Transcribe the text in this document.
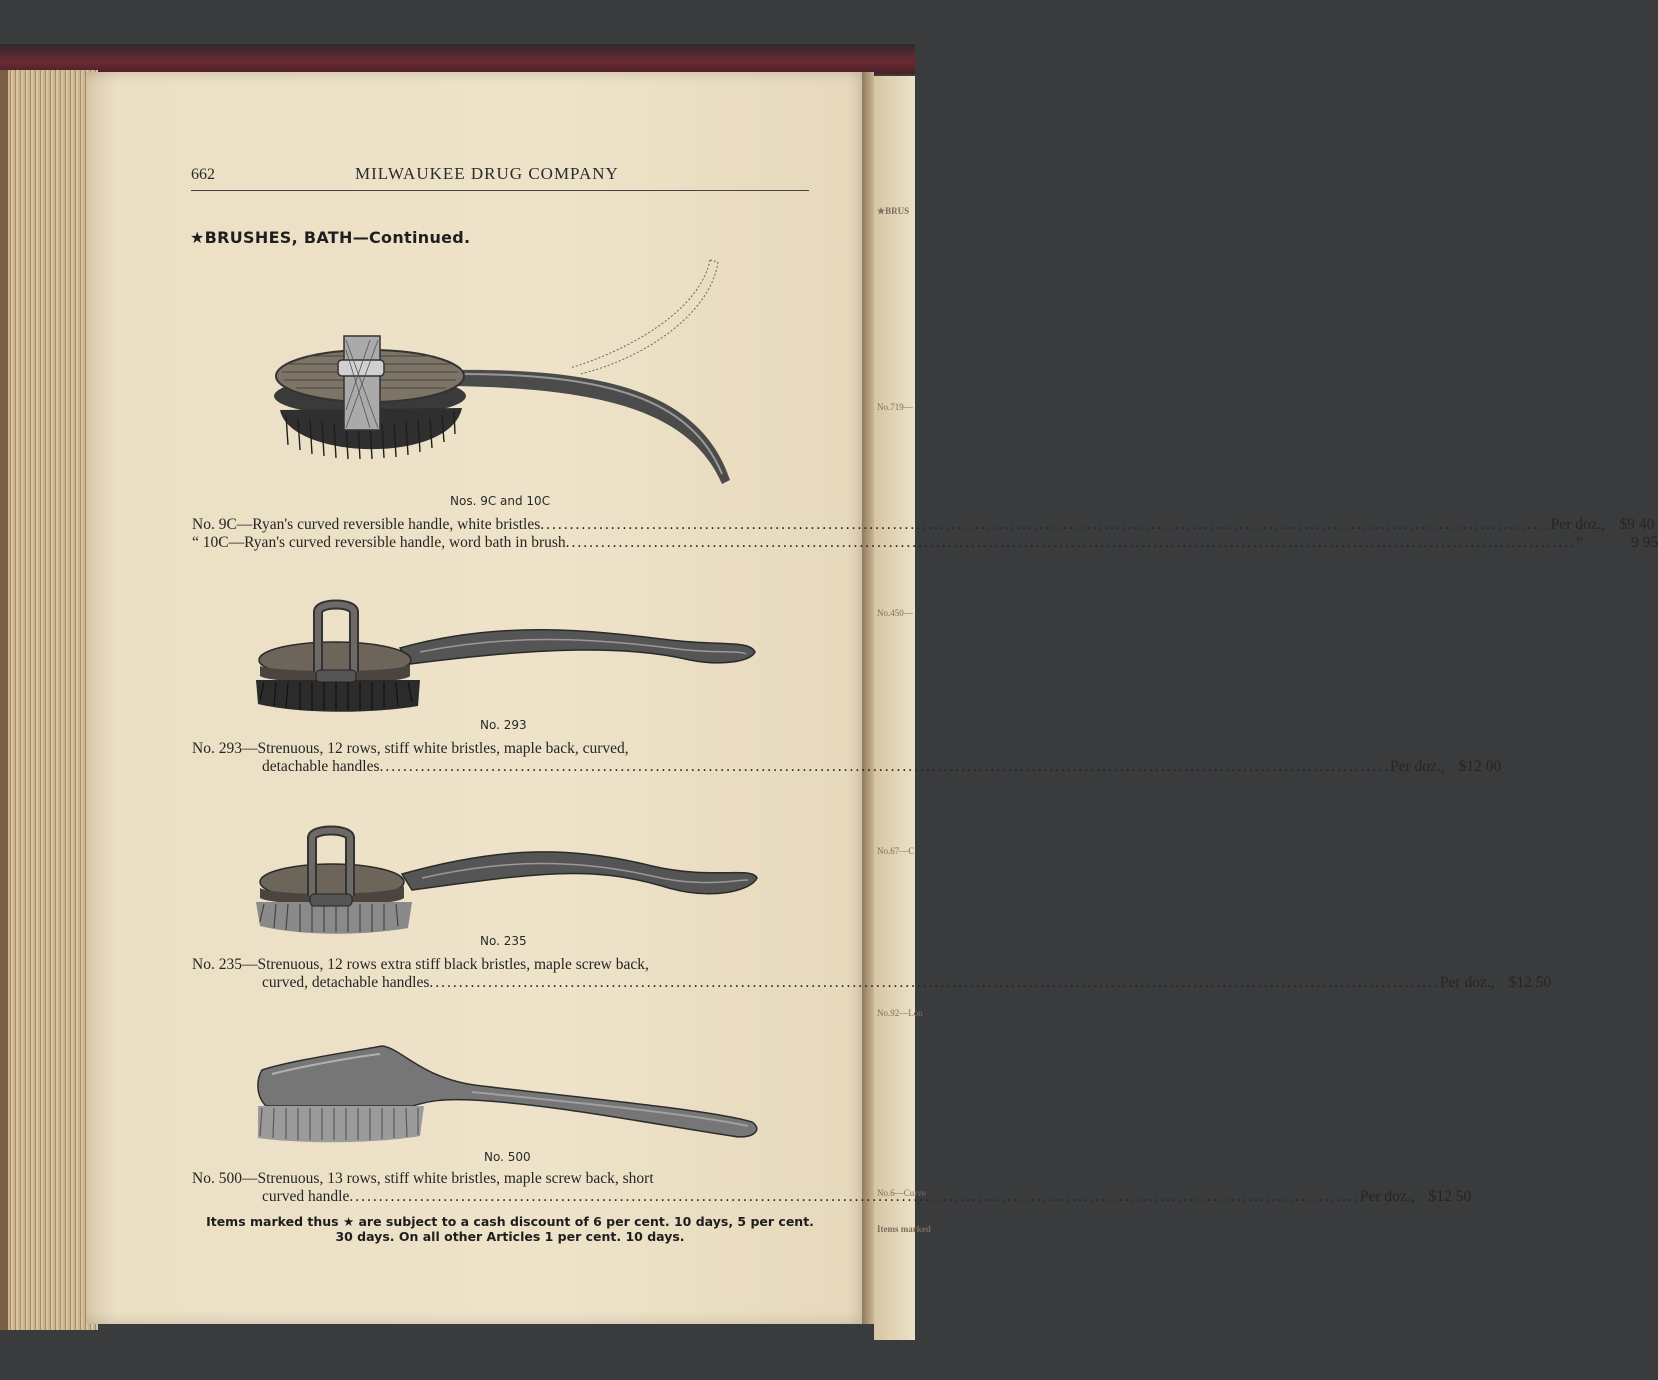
★BRUS
No.719—
No.450—
No.67—C
No.92—Lon
No.6—Curve
Items marked
662	MILWAUKEE DRUG COMPANY
★BRUSHES, BATH—Continued.
Nos. 9C and 10C
No. 9C—Ryan's curved reversible handle, white bristles .....	Per doz., $9 40
“ 10C—Ryan's curved reversible handle, word bath in brush .....	“	9 95
No. 293
No. 293—Strenuous, 12 rows, stiff white bristles, maple back, curved,
detachable handles .....	Per doz., $12 00
No. 235
No. 235—Strenuous, 12 rows extra stiff black bristles, maple screw back,
curved, detachable handles .....	Per doz., $12 50
No. 500
No. 500—Strenuous, 13 rows, stiff white bristles, maple screw back, short
curved handle .....	Per doz., $12 50
Items marked thus ★ are subject to a cash discount of 6 per cent. 10 days, 5 per cent.
30 days. On all other Articles 1 per cent. 10 days.
